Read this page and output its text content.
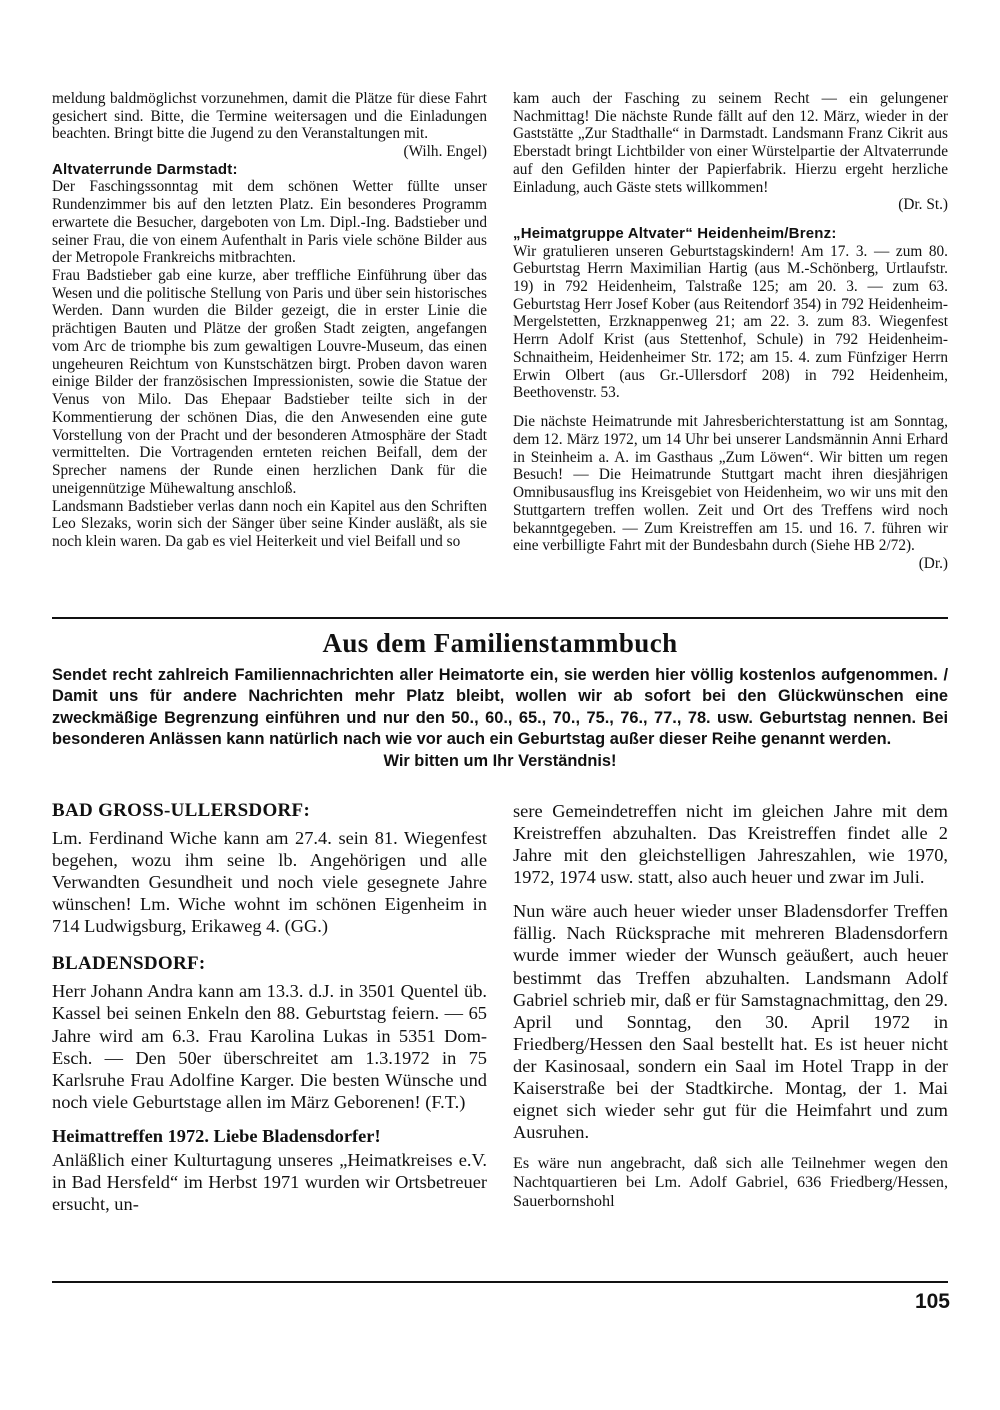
meldung baldmöglichst vorzunehmen, damit die Plätze für diese Fahrt gesichert sind. Bitte, die Termine weitersagen und die Einladungen beachten. Bringt bitte die Jugend zu den Veranstaltungen mit.

(Wilh. Engel)

Altvaterrunde Darmstadt:

Der Faschingssonntag mit dem schönen Wetter füllte unser Rundenzimmer bis auf den letzten Platz. Ein besonderes Programm erwartete die Besucher, dargeboten von Lm. Dipl.-Ing. Badstieber und seiner Frau, die von einem Aufenthalt in Paris viele schöne Bilder aus der Metropole Frankreichs mitbrachten.

Frau Badstieber gab eine kurze, aber treffliche Einführung über das Wesen und die politische Stellung von Paris und über sein historisches Werden. Dann wurden die Bilder gezeigt, die in erster Linie die prächtigen Bauten und Plätze der großen Stadt zeigten, angefangen vom Arc de triomphe bis zum gewaltigen Louvre-Museum, das einen ungeheuren Reichtum von Kunstschätzen birgt. Proben davon waren einige Bilder der französischen Impressionisten, sowie die Statue der Venus von Milo. Das Ehepaar Badstieber teilte sich in der Kommentierung der schönen Dias, die den Anwesenden eine gute Vorstellung von der Pracht und der besonderen Atmosphäre der Stadt vermittelten. Die Vortragenden ernteten reichen Beifall, dem der Sprecher namens der Runde einen herzlichen Dank für die uneigennützige Mühewaltung anschloß.

Landsmann Badstieber verlas dann noch ein Kapitel aus den Schriften Leo Slezaks, worin sich der Sänger über seine Kinder ausläßt, als sie noch klein waren. Da gab es viel Heiterkeit und viel Beifall und so

kam auch der Fasching zu seinem Recht — ein gelungener Nachmittag! Die nächste Runde fällt auf den 12. März, wieder in der Gaststätte „Zur Stadthalle“ in Darmstadt. Landsmann Franz Cikrit aus Eberstadt bringt Lichtbilder von einer Würstelpartie der Altvaterrunde auf den Gefilden hinter der Papierfabrik. Hierzu ergeht herzliche Einladung, auch Gäste stets willkommen!

(Dr. St.)

„Heimatgruppe Altvater“ Heidenheim/Brenz:

Wir gratulieren unseren Geburtstagskindern! Am 17. 3. — zum 80. Geburtstag Herrn Maximilian Hartig (aus M.-Schönberg, Urtlaufstr. 19) in 792 Heidenheim, Talstraße 125; am 20. 3. — zum 63. Geburtstag Herr Josef Kober (aus Reitendorf 354) in 792 Heidenheim-Mergelstetten, Erzknappenweg 21; am 22. 3. zum 83. Wiegenfest Herrn Adolf Krist (aus Stettenhof, Schule) in 792 Heidenheim-Schnaitheim, Heidenheimer Str. 172; am 15. 4. zum Fünfziger Herrn Erwin Olbert (aus Gr.-Ullersdorf 208) in 792 Heidenheim, Beethovenstr. 53.

Die nächste Heimatrunde mit Jahresberichterstattung ist am Sonntag, dem 12. März 1972, um 14 Uhr bei unserer Landsmännin Anni Erhard in Steinheim a. A. im Gasthaus „Zum Löwen“. Wir bitten um regen Besuch! — Die Heimatrunde Stuttgart macht ihren diesjährigen Omnibusausflug ins Kreisgebiet von Heidenheim, wo wir uns mit den Stuttgartern treffen wollen. Zeit und Ort des Treffens wird noch bekanntgegeben. — Zum Kreistreffen am 15. und 16. 7. führen wir eine verbilligte Fahrt mit der Bundesbahn durch (Siehe HB 2/72).

(Dr.)

Aus dem Familienstammbuch
Sendet recht zahlreich Familiennachrichten aller Heimatorte ein, sie werden hier völlig kostenlos aufgenommen. / Damit uns für andere Nachrichten mehr Platz bleibt, wollen wir ab sofort bei den Glückwünschen eine zweckmäßige Begrenzung einführen und nur den 50., 60., 65., 70., 75., 76., 77., 78. usw. Geburtstag nennen. Bei besonderen Anlässen kann natürlich nach wie vor auch ein Geburtstag außer dieser Reihe genannt werden.
Wir bitten um Ihr Verständnis!
BAD GROSS-ULLERSDORF:

Lm. Ferdinand Wiche kann am 27.4. sein 81. Wiegenfest begehen, wozu ihm seine lb. Angehörigen und alle Verwandten Gesundheit und noch viele gesegnete Jahre wünschen! Lm. Wiche wohnt im schönen Eigenheim in 714 Ludwigsburg, Erikaweg 4. (GG.)

BLADENSDORF:

Herr Johann Andra kann am 13.3. d.J. in 3501 Quentel üb. Kassel bei seinen Enkeln den 88. Geburtstag feiern. — 65 Jahre wird am 6.3. Frau Karolina Lukas in 5351 Dom-Esch. — Den 50er überschreitet am 1.3.1972 in 75 Karlsruhe Frau Adolfine Karger. Die besten Wünsche und noch viele Geburtstage allen im März Geborenen! (F.T.)

Heimattreffen 1972. Liebe Bladensdorfer!

Anläßlich einer Kulturtagung unseres „Heimatkreises e.V. in Bad Hersfeld“ im Herbst 1971 wurden wir Ortsbetreuer ersucht, un-

sere Gemeindetreffen nicht im gleichen Jahre mit dem Kreistreffen abzuhalten. Das Kreistreffen findet alle 2 Jahre mit den gleichstelligen Jahreszahlen, wie 1970, 1972, 1974 usw. statt, also auch heuer und zwar im Juli.

Nun wäre auch heuer wieder unser Bladensdorfer Treffen fällig. Nach Rücksprache mit mehreren Bladensdorfern wurde immer wieder der Wunsch geäußert, auch heuer bestimmt das Treffen abzuhalten. Landsmann Adolf Gabriel schrieb mir, daß er für Samstagnachmittag, den 29. April und Sonntag, den 30. April 1972 in Friedberg/Hessen den Saal bestellt hat. Es ist heuer nicht der Kasinosaal, sondern ein Saal im Hotel Trapp in der Kaiserstraße bei der Stadtkirche. Montag, der 1. Mai eignet sich wieder sehr gut für die Heimfahrt und zum Ausruhen.

Es wäre nun angebracht, daß sich alle Teilnehmer wegen den Nachtquartieren bei Lm. Adolf Gabriel, 636 Friedberg/Hessen, Sauerbornshohl

105
